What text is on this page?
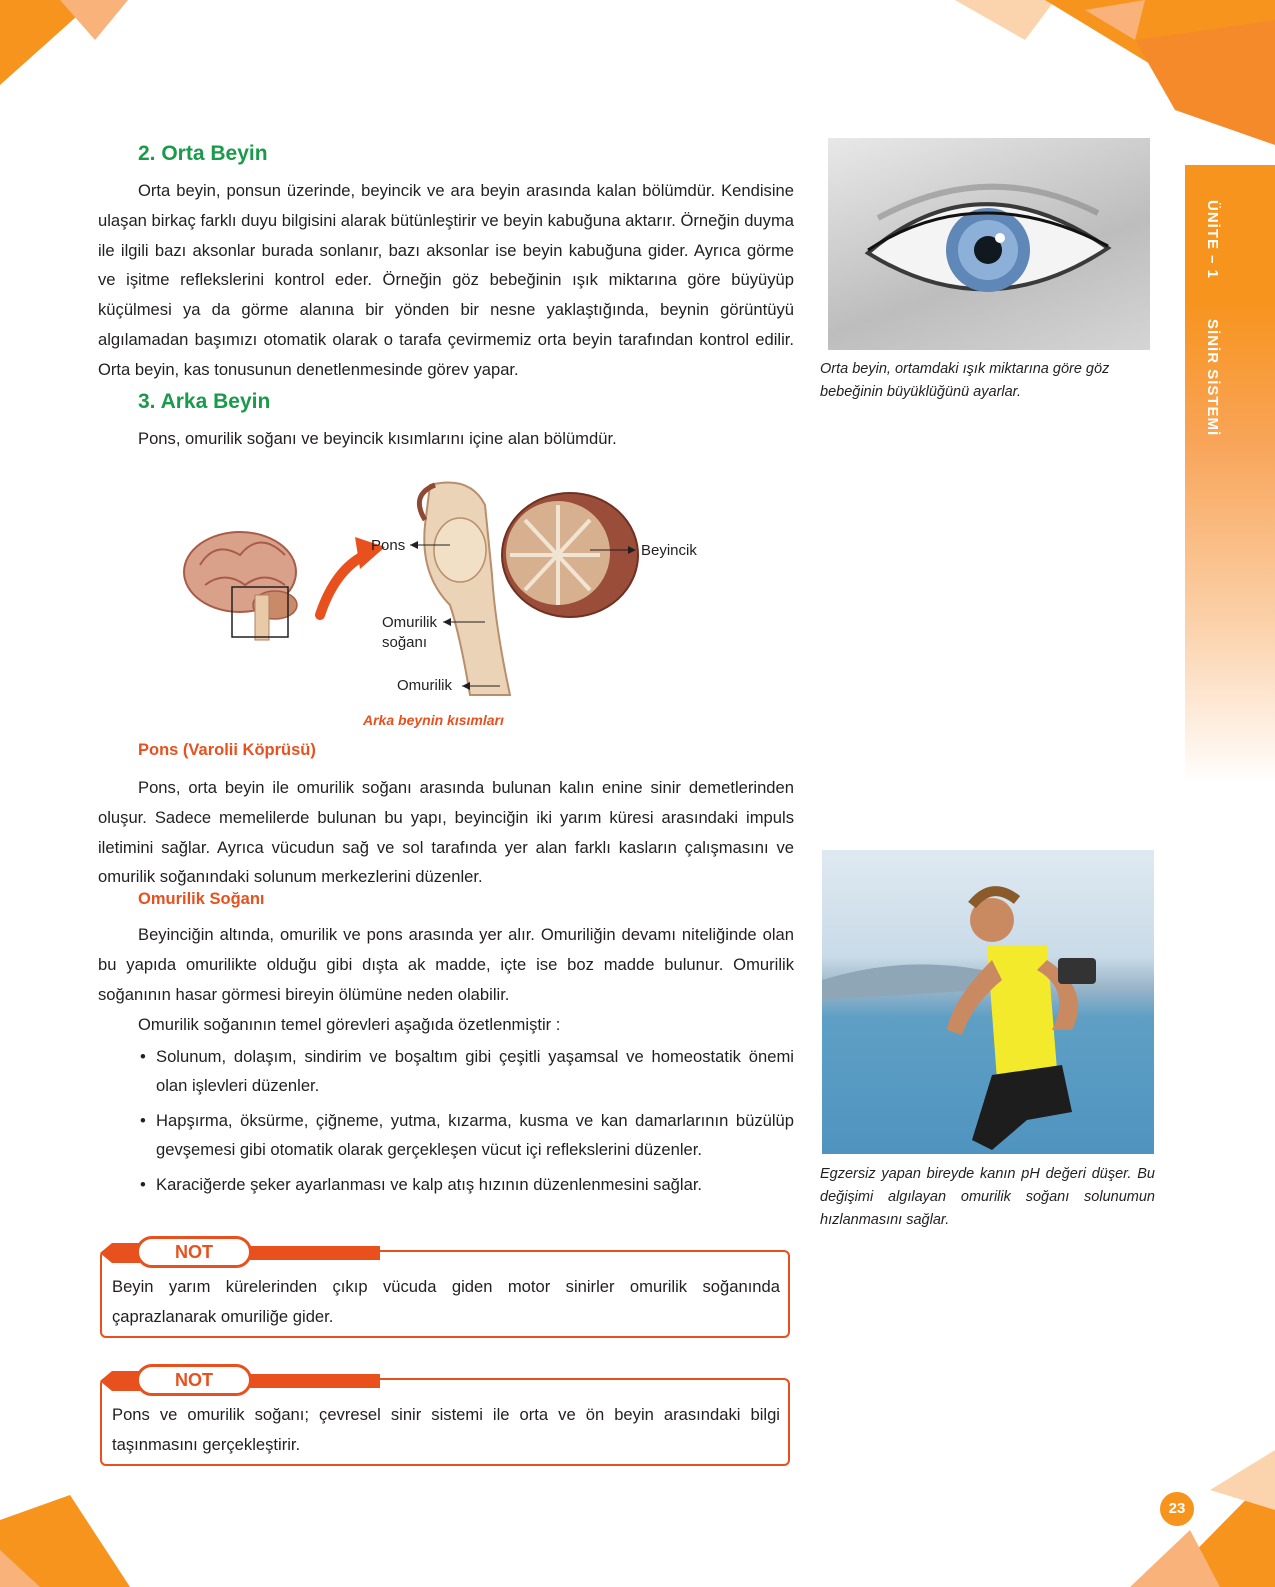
ÜNİTE – 1SİNİR SİSTEMİ
2. Orta Beyin

Orta beyin, ponsun üzerinde, beyincik ve ara beyin arasında kalan bölümdür. Kendisine ulaşan birkaç farklı duyu bilgisini alarak bütünleştirir ve beyin kabuğuna aktarır. Örneğin duyma ile ilgili bazı aksonlar burada sonlanır, bazı aksonlar ise beyin kabuğuna gider. Ayrıca görme ve işitme reflekslerini kontrol eder. Örneğin göz bebeğinin ışık miktarına göre büyüyüp küçülmesi ya da görme alanına bir yönden bir nesne yaklaştığında, beynin görüntüyü algılamadan başımızı otomatik olarak o tarafa çevirmemiz orta beyin tarafından kontrol edilir. Orta beyin, kas tonusunun denetlenmesinde görev yapar.

3. Arka Beyin

Pons, omurilik soğanı ve beyincik kısımlarını içine alan bölümdür.

Pons	Beyincik
Omurilik
soğanı
Omurilik

Arka beynin kısımları

Pons (Varolii Köprüsü)

Pons, orta beyin ile omurilik soğanı arasında bulunan kalın enine sinir demetlerinden oluşur. Sadece memelilerde bulunan bu yapı, beyinciğin iki yarım küresi arasındaki impuls iletimini sağlar. Ayrıca vücudun sağ ve sol tarafında yer alan farklı kasların çalışmasını ve omurilik soğanındaki solunum merkezlerini düzenler.

Omurilik Soğanı

Beyinciğin altında, omurilik ve pons arasında yer alır. Omuriliğin devamı niteliğinde olan bu yapıda omurilikte olduğu gibi dışta ak madde, içte ise boz madde bulunur. Omurilik soğanının hasar görmesi bireyin ölümüne neden olabilir.

Omurilik soğanının temel görevleri aşağıda özetlenmiştir :

• Solunum, dolaşım, sindirim ve boşaltım gibi çeşitli yaşamsal ve homeostatik önemi olan işlevleri düzenler.
• Hapşırma, öksürme, çiğneme, yutma, kızarma, kusma ve kan damarlarının büzülüp gevşemesi gibi otomatik olarak gerçekleşen vücut içi reflekslerini düzenler.
• Karaciğerde şeker ayarlanması ve kalp atış hızının düzenlenmesini sağlar.

Beyin yarım kürelerinden çıkıp vücuda giden motor sinirler omurilik soğanında çaprazlanarak omuriliğe gider.

NOT

Pons ve omurilik soğanı; çevresel sinir sistemi ile orta ve ön beyin arasındaki bilgi taşınmasını gerçekleştirir.

NOT

Orta beyin, ortamdaki ışık miktarına göre göz bebeğinin büyüklüğünü ayarlar.

Egzersiz yapan bireyde kanın pH değeri düşer. Bu değişimi algılayan omurilik soğanı solunumun hızlanmasını sağlar.

23
